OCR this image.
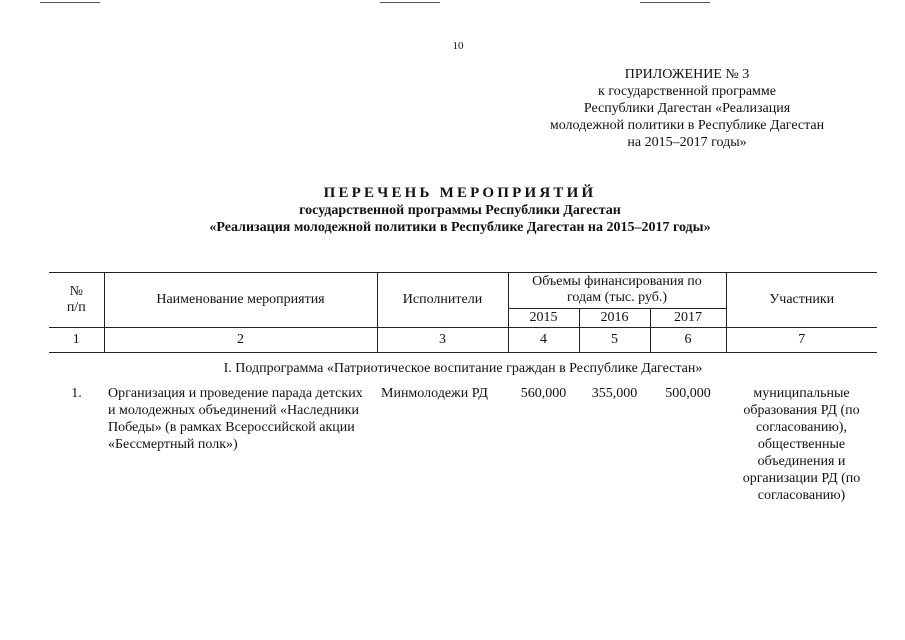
10
ПРИЛОЖЕНИЕ № 3
к государственной программе
Республики Дагестан «Реализация
молодежной политики в Республике Дагестан
на 2015–2017 годы»
ПЕРЕЧЕНЬ МЕРОПРИЯТИЙ
государственной программы Республики Дагестан
«Реализация молодежной политики в Республике Дагестан на 2015–2017 годы»
№ п/п	Наименование мероприятия	Исполнители	Объемы финансирования по годам (тыс. руб.)			Участники
			2015	2016	2017	
1	2	3	4	5	6	7
I. Подпрограмма «Патриотическое воспитание граждан в Республике Дагестан»						
1.	Организация и проведение парада детских и молодежных объединений «Наследники Победы» (в рамках Всероссийской акции «Бессмертный полк»)	Минмолодежи РД	560,000	355,000	500,000	муниципальные образования РД (по согласованию), общественные объединения и организации РД (по согласованию)
